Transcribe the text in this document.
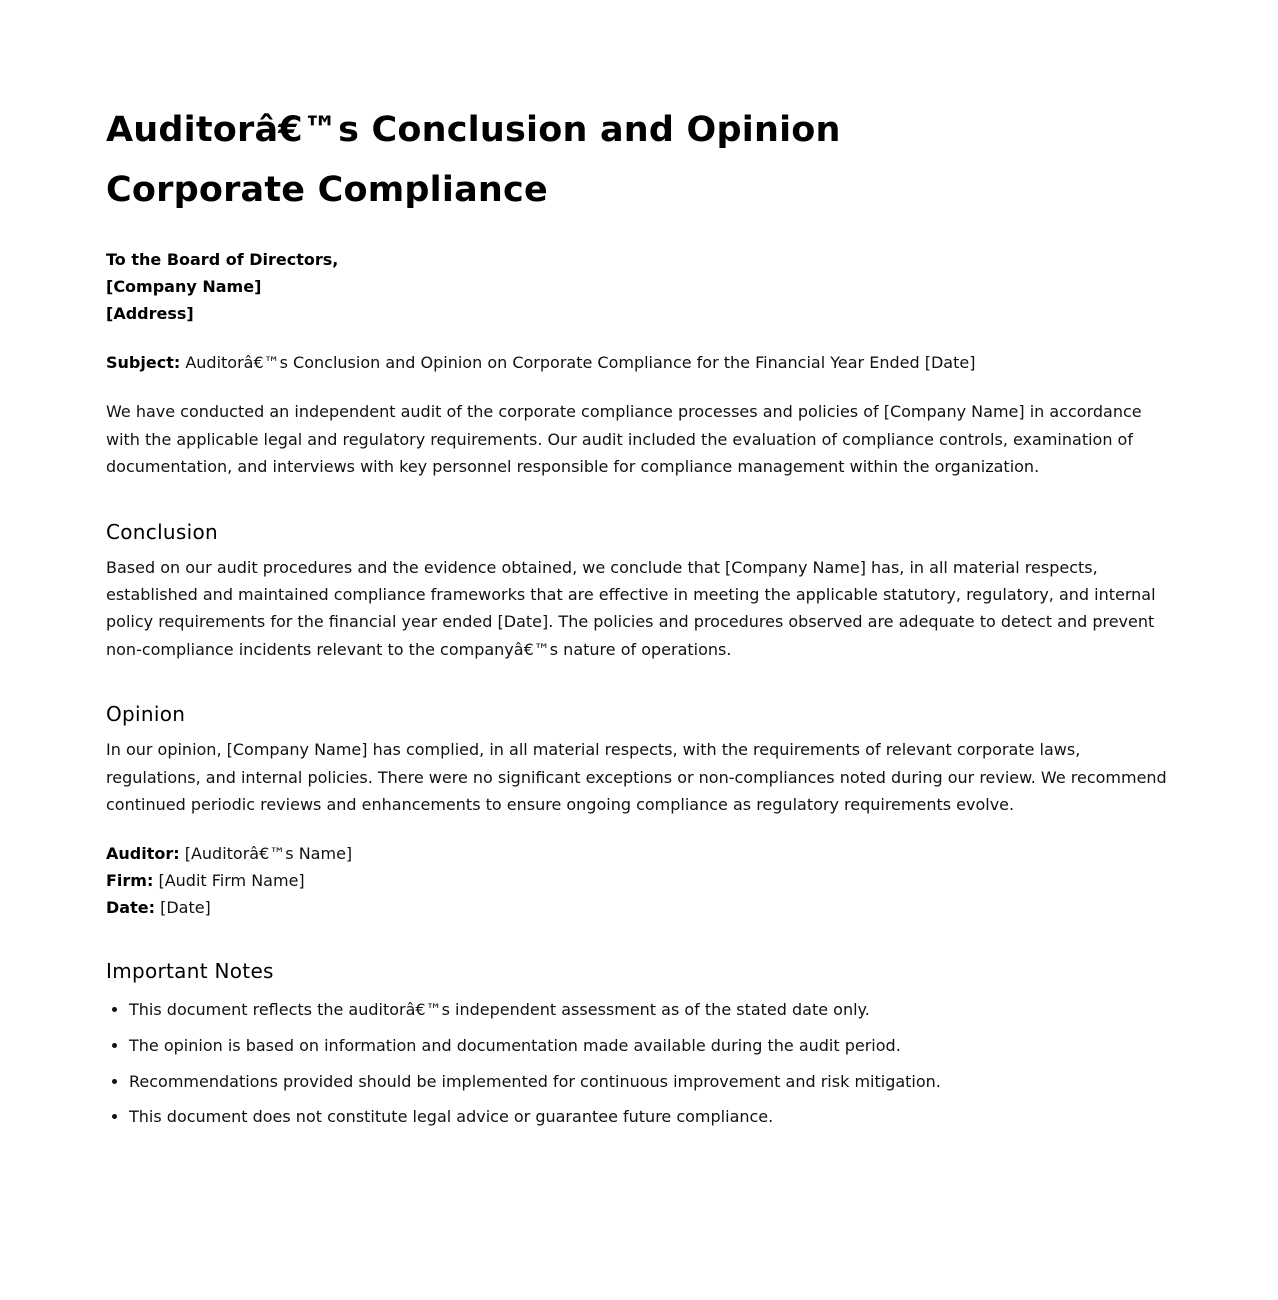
Auditorâ€™s Conclusion and Opinion
Corporate Compliance
To the Board of Directors,
[Company Name]
[Address]

Subject: Auditorâ€™s Conclusion and Opinion on Corporate Compliance for the Financial Year Ended [Date]

We have conducted an independent audit of the corporate compliance processes and policies of [Company Name] in accordance with the applicable legal and regulatory requirements. Our audit included the evaluation of compliance controls, examination of documentation, and interviews with key personnel responsible for compliance management within the organization.

Conclusion

Based on our audit procedures and the evidence obtained, we conclude that [Company Name] has, in all material respects, established and maintained compliance frameworks that are effective in meeting the applicable statutory, regulatory, and internal policy requirements for the financial year ended [Date]. The policies and procedures observed are adequate to detect and prevent non-compliance incidents relevant to the companyâ€™s nature of operations.

Opinion

In our opinion, [Company Name] has complied, in all material respects, with the requirements of relevant corporate laws, regulations, and internal policies. There were no significant exceptions or non-compliances noted during our review. We recommend continued periodic reviews and enhancements to ensure ongoing compliance as regulatory requirements evolve.

Auditor: [Auditorâ€™s Name]
Firm: [Audit Firm Name]
Date: [Date]
Important Notes
• This document reflects the auditorâ€™s independent assessment as of the stated date only.
• The opinion is based on information and documentation made available during the audit period.
• Recommendations provided should be implemented for continuous improvement and risk mitigation.
• This document does not constitute legal advice or guarantee future compliance.
